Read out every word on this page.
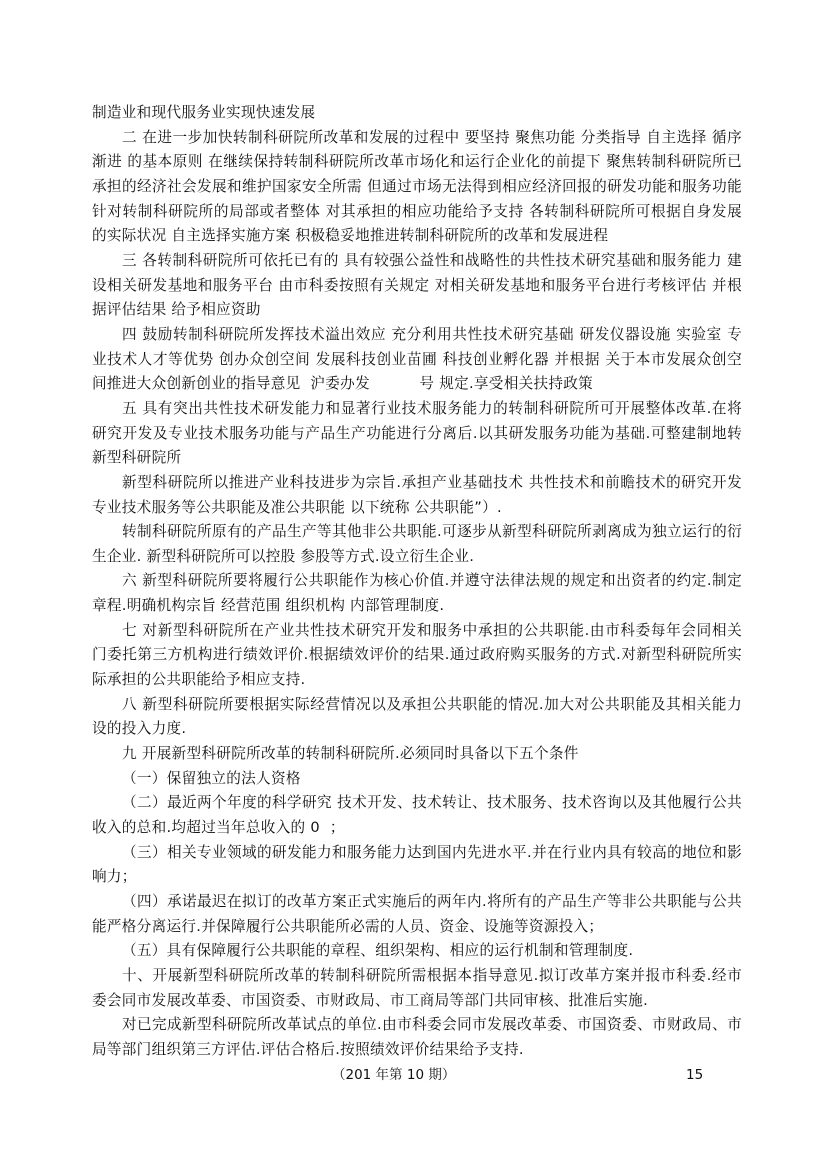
制造业和现代服务业实现快速发展
二 在进一步加快转制科研院所改革和发展的过程中 要坚持 聚焦功能 分类指导 自主选择 循序
渐进 的基本原则 在继续保持转制科研院所改革市场化和运行企业化的前提下 聚焦转制科研院所已
承担的经济社会发展和维护国家安全所需 但通过市场无法得到相应经济回报的研发功能和服务功能
针对转制科研院所的局部或者整体 对其承担的相应功能给予支持 各转制科研院所可根据自身发展
的实际状况 自主选择实施方案 积极稳妥地推进转制科研院所的改革和发展进程
三 各转制科研院所可依托已有的 具有较强公益性和战略性的共性技术研究基础和服务能力 建
设相关研发基地和服务平台 由市科委按照有关规定 对相关研发基地和服务平台进行考核评估 并根
据评估结果 给予相应资助
四 鼓励转制科研院所发挥技术溢出效应 充分利用共性技术研究基础 研发仪器设施 实验室 专
业技术人才等优势 创办众创空间 发展科技创业苗圃 科技创业孵化器 并根据 关于本市发展众创空
间推进大众创新创业的指导意见  沪委办发          号 规定.享受相关扶持政策
五 具有突出共性技术研发能力和显著行业技术服务能力的转制科研院所可开展整体改革.在将
研究开发及专业技术服务功能与产品生产功能进行分离后.以其研发服务功能为基础.可整建制地转
新型科研院所
新型科研院所以推进产业科技进步为宗旨.承担产业基础技术 共性技术和前瞻技术的研究开发
专业技术服务等公共职能及准公共职能 以下统称 公共职能”）.
转制科研院所原有的产品生产等其他非公共职能.可逐步从新型科研院所剥离成为独立运行的衍
生企业. 新型科研院所可以控股 参股等方式.设立衍生企业.
六 新型科研院所要将履行公共职能作为核心价值.并遵守法律法规的规定和出资者的约定.制定
章程.明确机构宗旨 经营范围 组织机构 内部管理制度.
七 对新型科研院所在产业共性技术研究开发和服务中承担的公共职能.由市科委每年会同相关
门委托第三方机构进行绩效评价.根据绩效评价的结果.通过政府购买服务的方式.对新型科研院所实
际承担的公共职能给予相应支持.
八 新型科研院所要根据实际经营情况以及承担公共职能的情况.加大对公共职能及其相关能力
设的投入力度.
九 开展新型科研院所改革的转制科研院所.必须同时具备以下五个条件
（一）保留独立的法人资格
（二）最近两个年度的科学研究 技术开发、技术转让、技术服务、技术咨询以及其他履行公共
收入的总和.均超过当年总收入的 0  ；
（三）相关专业领域的研发能力和服务能力达到国内先进水平.并在行业内具有较高的地位和影
响力；
（四）承诺最迟在拟订的改革方案正式实施后的两年内.将所有的产品生产等非公共职能与公共
能严格分离运行.并保障履行公共职能所必需的人员、资金、设施等资源投入；
（五）具有保障履行公共职能的章程、组织架构、相应的运行机制和管理制度.
十、开展新型科研院所改革的转制科研院所需根据本指导意见.拟订改革方案并报市科委.经市
委会同市发展改革委、市国资委、市财政局、市工商局等部门共同审核、批准后实施.
对已完成新型科研院所改革试点的单位.由市科委会同市发展改革委、市国资委、市财政局、市
局等部门组织第三方评估.评估合格后.按照绩效评价结果给予支持.
（201 年第 10 期）	15
